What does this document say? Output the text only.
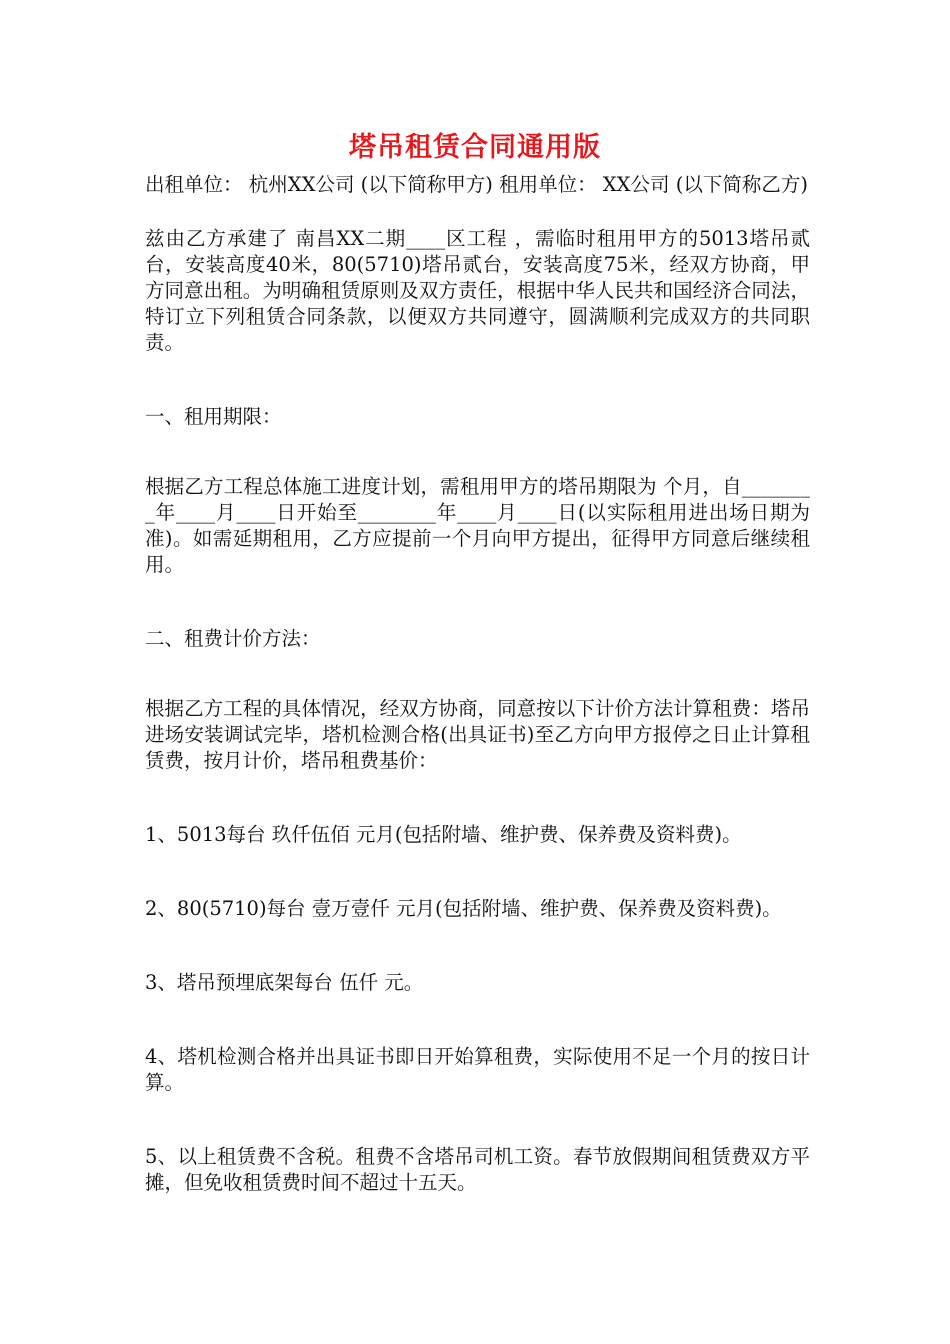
塔吊租赁合同通用版

出租单位： 杭州XX公司 (以下简称甲方) 租用单位： XX公司 (以下简称乙方)

兹由乙方承建了 南昌XX二期____区工程 ，需临时租用甲方的5013塔吊贰台，安装高度40米，80(5710)塔吊贰台，安装高度75米，经双方协商，甲方同意出租。为明确租赁原则及双方责任，根据中华人民共和国经济合同法，特订立下列租赁合同条款，以便双方共同遵守，圆满顺利完成双方的共同职责。

一、租用期限：

根据乙方工程总体施工进度计划，需租用甲方的塔吊期限为 个月，自________年____月____日开始至________年____月____日(以实际租用进出场日期为准)。如需延期租用，乙方应提前一个月向甲方提出，征得甲方同意后继续租用。

二、租费计价方法：

根据乙方工程的具体情况，经双方协商，同意按以下计价方法计算租费：塔吊进场安装调试完毕，塔机检测合格(出具证书)至乙方向甲方报停之日止计算租赁费，按月计价，塔吊租费基价：

1、5013每台 玖仟伍佰 元月(包括附墙、维护费、保养费及资料费)。

2、80(5710)每台 壹万壹仟 元月(包括附墙、维护费、保养费及资料费)。

3、塔吊预埋底架每台 伍仟 元。

4、塔机检测合格并出具证书即日开始算租费，实际使用不足一个月的按日计算。

5、以上租赁费不含税。租费不含塔吊司机工资。春节放假期间租赁费双方平摊，但免收租赁费时间不超过十五天。
